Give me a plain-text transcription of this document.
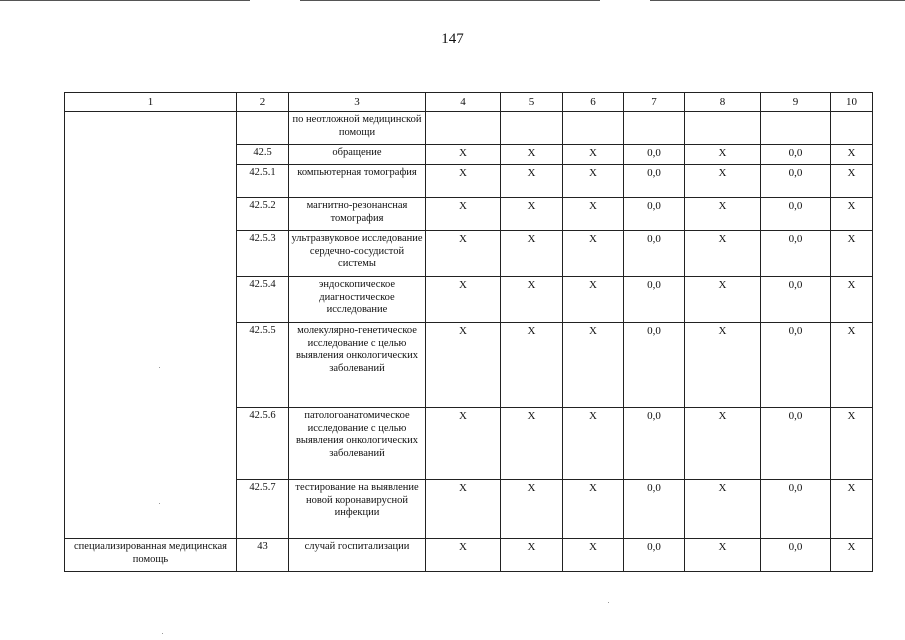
147
1	2	3	4	5	6	7	8	9	10
		по неотложной медицинской помощи							
	42.5	обращение	Х	Х	Х	0,0	Х	0,0	Х
	42.5.1	компьютерная томография	Х	Х	Х	0,0	Х	0,0	Х
	42.5.2	магнитно-резонансная томография	Х	Х	Х	0,0	Х	0,0	Х
	42.5.3	ультразвуковое исследование сердечно-сосудистой системы	Х	Х	Х	0,0	Х	0,0	Х
	42.5.4	эндоскопическое диагностическое исследование	Х	Х	Х	0,0	Х	0,0	Х
	42.5.5	молекулярно-генетическое исследование с целью выявления онкологических заболеваний	Х	Х	Х	0,0	Х	0,0	Х
	42.5.6	патологоанатомическое исследование с целью выявления онкологических заболеваний	Х	Х	Х	0,0	Х	0,0	Х
	42.5.7	тестирование на выявление новой коронавирусной инфекции	Х	Х	Х	0,0	Х	0,0	Х
специализированная медицинская помощь	43	случай госпитализации	Х	Х	Х	0,0	Х	0,0	Х
